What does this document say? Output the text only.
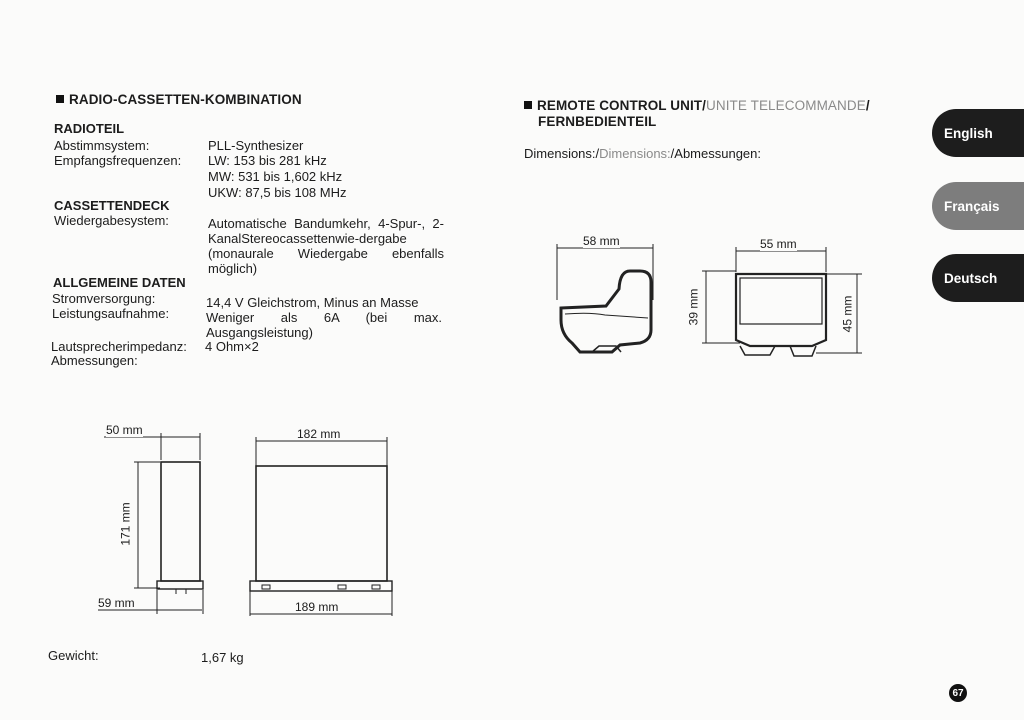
RADIO-CASSETTEN-KOMBINATION
RADIOTEIL
Abstimmsystem:	PLL-Synthesizer
Empfangsfrequenzen: LW: 153 bis 281 kHz
MW: 531 bis 1,602 kHz
UKW: 87,5 bis 108 MHz
CASSETTENDECK
Wiedergabesystem:	Automatische Bandumkehr, 4-Spur-, 2-KanalStereocassettenwie-dergabe (monaurale Wiedergabe ebenfalls möglich)
ALLGEMEINE DATEN
Stromversorgung:	14,4 V Gleichstrom, Minus an Masse
Leistungsaufnahme:	Weniger als 6A (bei max. Ausgangsleistung)
Lautsprecherimpedanz: 4 Ohm×2
Abmessungen:
50 mm
171 mm
59 mm
182 mm
189 mm
Gewicht:	1,67 kg
REMOTE CONTROL UNIT/UNITE TELECOMMANDE/
FERNBEDIENTEIL
Dimensions:/Dimensions:/Abmessungen:
58 mm	55 mm
39 mm	45 mm
English
Français
Deutsch
67
